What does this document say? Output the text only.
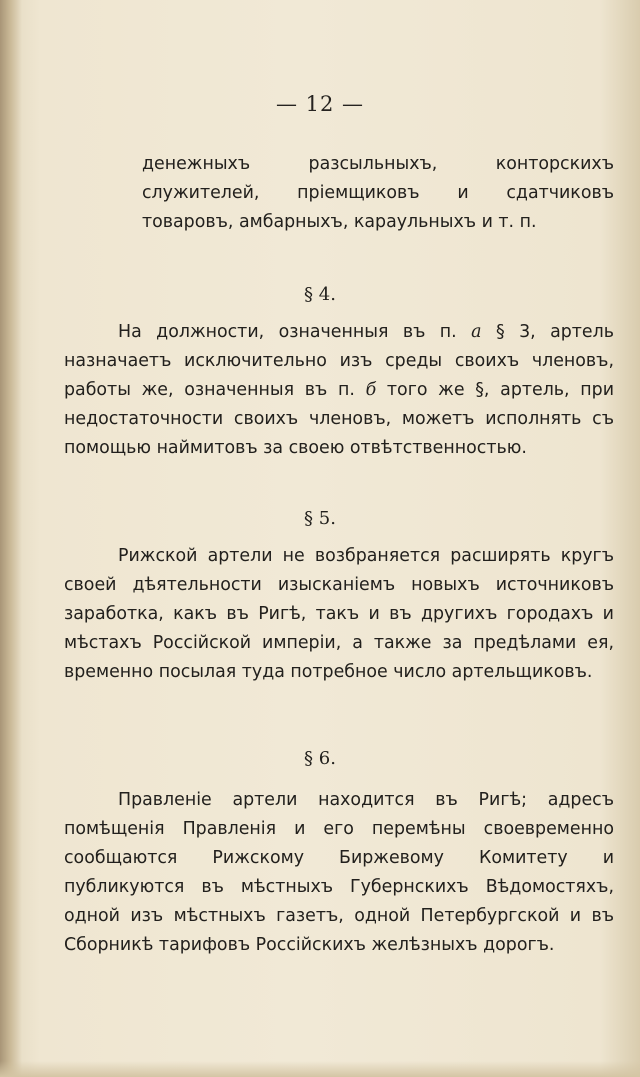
— 12 —

денежныхъ разсыльныхъ, конторскихъ служителей, пріемщиковъ и сдатчиковъ товаровъ, амбарныхъ, караульныхъ и т. п.

§ 4.

На должности, означенныя въ п. а § 3, артель назначаетъ исключительно изъ среды своихъ членовъ, работы же, означенныя въ п. б того же §, артель, при недостаточности своихъ членовъ, можетъ исполнять съ помощью наймитовъ за своею отвѣтственностью.

§ 5.

Рижской артели не возбраняется расширять кругъ своей дѣятельности изысканіемъ новыхъ источниковъ заработка, какъ въ Ригѣ, такъ и въ другихъ городахъ и мѣстахъ Россійской имперіи, а также за предѣлами ея, временно посылая туда потребное число артельщиковъ.

§ 6.

Правленіе артели находится въ Ригѣ; адресъ помѣщенія Правленія и его перемѣны своевременно сообщаются Рижскому Биржевому Комитету и публикуются въ мѣстныхъ Губернскихъ Вѣдомостяхъ, одной изъ мѣстныхъ газетъ, одной Петербургской и въ Сборникѣ тарифовъ Россійскихъ желѣзныхъ дорогъ.
